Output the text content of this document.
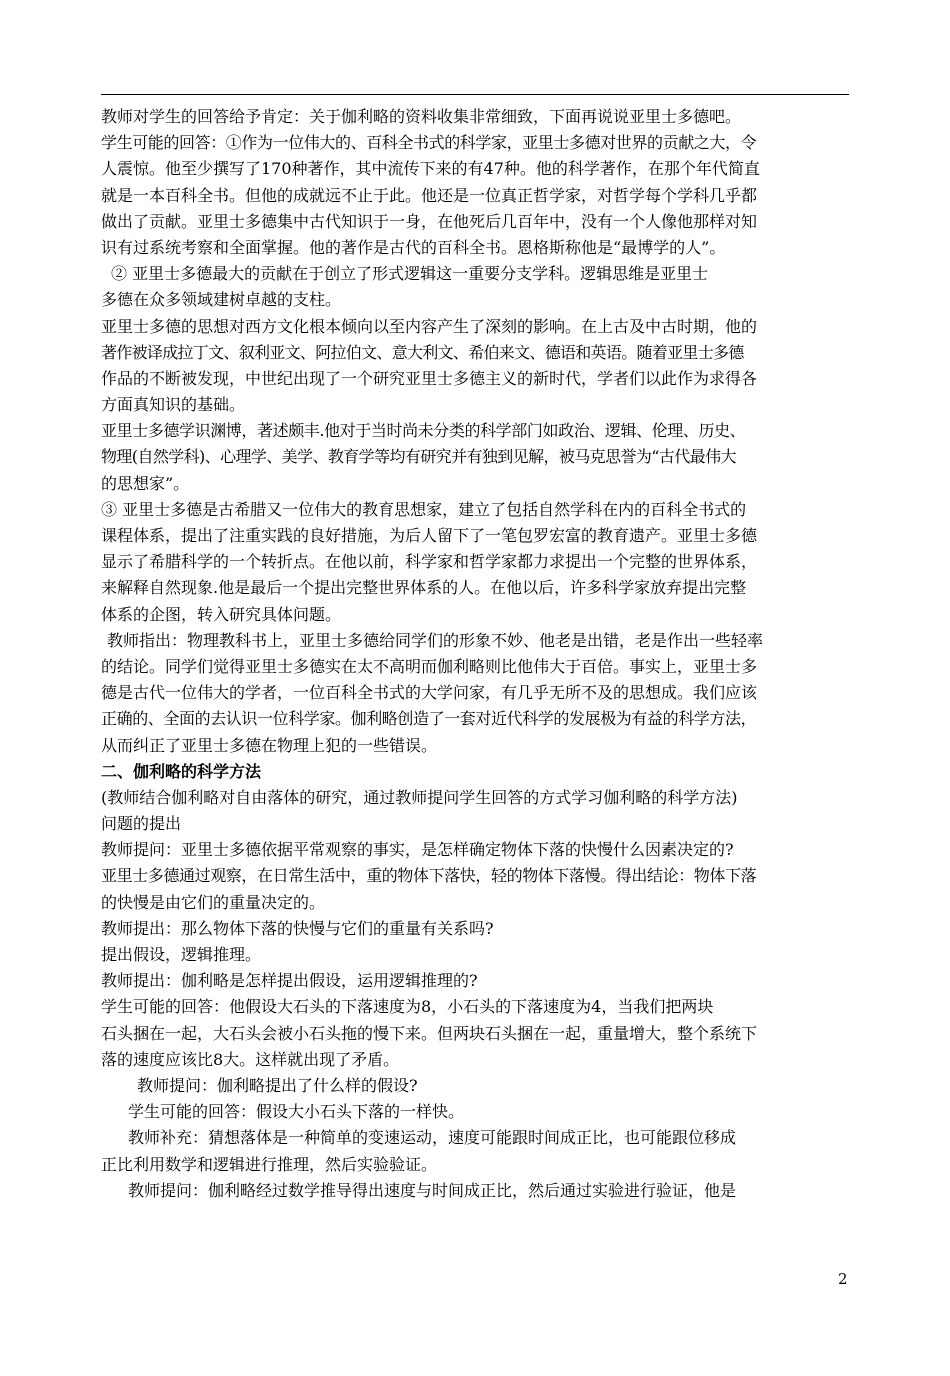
教师对学生的回答给予肯定：关于伽利略的资料收集非常细致，下面再说说亚里士多德吧。
学生可能的回答：①作为一位伟大的、百科全书式的科学家，亚里士多德对世界的贡献之大，令
人震惊。他至少撰写了170种著作，其中流传下来的有47种。他的科学著作，在那个年代简直
就是一本百科全书。但他的成就远不止于此。他还是一位真正哲学家，对哲学每个学科几乎都
做出了贡献。亚里士多德集中古代知识于一身，在他死后几百年中，没有一个人像他那样对知
识有过系统考察和全面掌握。他的著作是古代的百科全书。恩格斯称他是“最博学的人”。
② 亚里士多德最大的贡献在于创立了形式逻辑这一重要分支学科。逻辑思维是亚里士
多德在众多领域建树卓越的支柱。
亚里士多德的思想对西方文化根本倾向以至内容产生了深刻的影响。在上古及中古时期，他的
著作被译成拉丁文、叙利亚文、阿拉伯文、意大利文、希伯来文、德语和英语。随着亚里士多德
作品的不断被发现，中世纪出现了一个研究亚里士多德主义的新时代，学者们以此作为求得各
方面真知识的基础。
亚里士多德学识渊博，著述颇丰.他对于当时尚未分类的科学部门如政治、逻辑、伦理、历史、
物理(自然学科)、心理学、美学、教育学等均有研究并有独到见解，被马克思誉为“古代最伟大
的思想家”。
③ 亚里士多德是古希腊又一位伟大的教育思想家，建立了包括自然学科在内的百科全书式的
课程体系，提出了注重实践的良好措施，为后人留下了一笔包罗宏富的教育遗产。亚里士多德
显示了希腊科学的一个转折点。在他以前，科学家和哲学家都力求提出一个完整的世界体系，
来解释自然现象.他是最后一个提出完整世界体系的人。在他以后，许多科学家放弃提出完整
体系的企图，转入研究具体问题。
教师指出：物理教科书上，亚里士多德给同学们的形象不妙、他老是出错，老是作出一些轻率
的结论。同学们觉得亚里士多德实在太不高明而伽利略则比他伟大于百倍。事实上，亚里士多
德是古代一位伟大的学者，一位百科全书式的大学问家，有几乎无所不及的思想成。我们应该
正确的、全面的去认识一位科学家。伽利略创造了一套对近代科学的发展极为有益的科学方法，
从而纠正了亚里士多德在物理上犯的一些错误。
二、伽利略的科学方法
(教师结合伽利略对自由落体的研究，通过教师提问学生回答的方式学习伽利略的科学方法)
问题的提出
教师提问：亚里士多德依据平常观察的事实，是怎样确定物体下落的快慢什么因素决定的?
亚里士多德通过观察，在日常生活中，重的物体下落快，轻的物体下落慢。得出结论：物体下落
的快慢是由它们的重量决定的。
教师提出：那么物体下落的快慢与它们的重量有关系吗?
提出假设，逻辑推理。
教师提出：伽利略是怎样提出假设，运用逻辑推理的?
学生可能的回答：他假设大石头的下落速度为8，小石头的下落速度为4，当我们把两块
石头捆在一起，大石头会被小石头拖的慢下来。但两块石头捆在一起，重量增大，整个系统下
落的速度应该比8大。这样就出现了矛盾。
教师提问：伽利略提出了什么样的假设?
学生可能的回答：假设大小石头下落的一样快。
教师补充：猜想落体是一种简单的变速运动，速度可能跟时间成正比，也可能跟位移成
正比利用数学和逻辑进行推理，然后实验验证。
教师提问：伽利略经过数学推导得出速度与时间成正比，然后通过实验进行验证，他是
2
